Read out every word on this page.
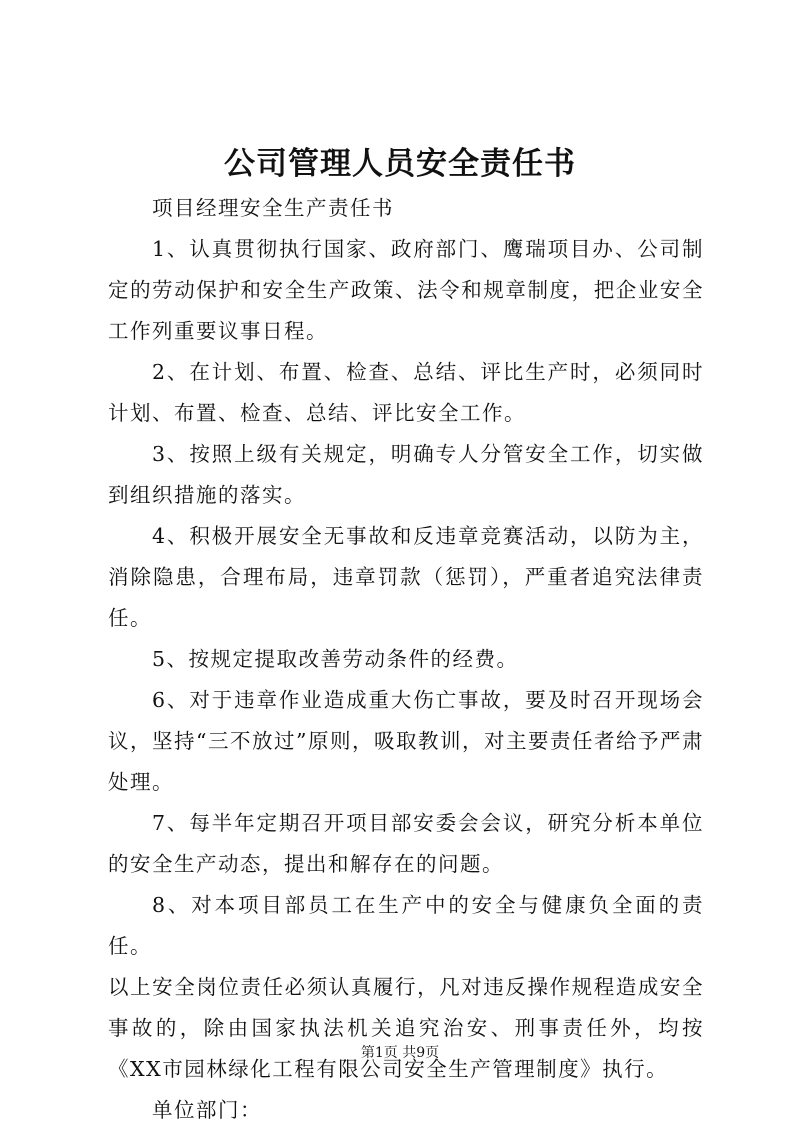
公司管理人员安全责任书

项目经理安全生产责任书

1、认真贯彻执行国家、政府部门、鹰瑞项目办、公司制定的劳动保护和安全生产政策、法令和规章制度，把企业安全工作列重要议事日程。

2、在计划、布置、检查、总结、评比生产时，必须同时计划、布置、检查、总结、评比安全工作。

3、按照上级有关规定，明确专人分管安全工作，切实做到组织措施的落实。

4、积极开展安全无事故和反违章竞赛活动，以防为主，消除隐患，合理布局，违章罚款（惩罚），严重者追究法律责任。

5、按规定提取改善劳动条件的经费。

6、对于违章作业造成重大伤亡事故，要及时召开现场会议，坚持“三不放过”原则，吸取教训，对主要责任者给予严肃处理。

7、每半年定期召开项目部安委会会议，研究分析本单位的安全生产动态，提出和解存在的问题。

8、对本项目部员工在生产中的安全与健康负全面的责任。

以上安全岗位责任必须认真履行，凡对违反操作规程造成安全事故的，除由国家执法机关追究治安、刑事责任外，均按《XX市园林绿化工程有限公司安全生产管理制度》执行。

单位部门：

第1页 共9页
